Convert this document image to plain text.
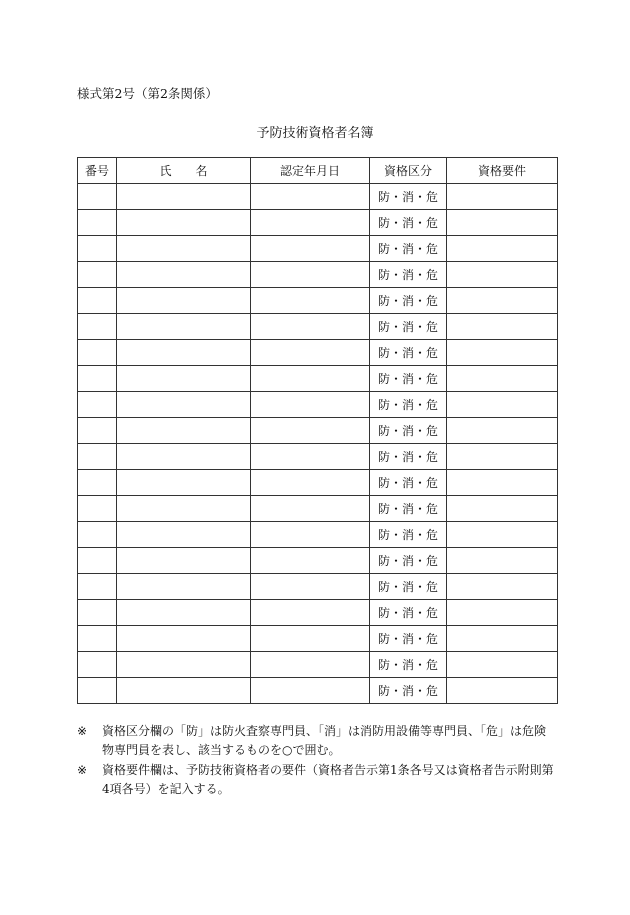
様式第2号（第2条関係）
予防技術資格者名簿
番号	氏　　名	認定年月日	資格区分	資格要件
			防・消・危	
			防・消・危	
			防・消・危	
			防・消・危	
			防・消・危	
			防・消・危	
			防・消・危	
			防・消・危	
			防・消・危	
			防・消・危	
			防・消・危	
			防・消・危	
			防・消・危	
			防・消・危	
			防・消・危	
			防・消・危	
			防・消・危	
			防・消・危	
			防・消・危	
			防・消・危	
※	資格区分欄の「防」は防火査察専門員、「消」は消防用設備等専門員、「危」は危険物専門員を表し、該当するものを○で囲む。
※	資格要件欄は、予防技術資格者の要件（資格者告示第1条各号又は資格者告示附則第4項各号）を記入する。
